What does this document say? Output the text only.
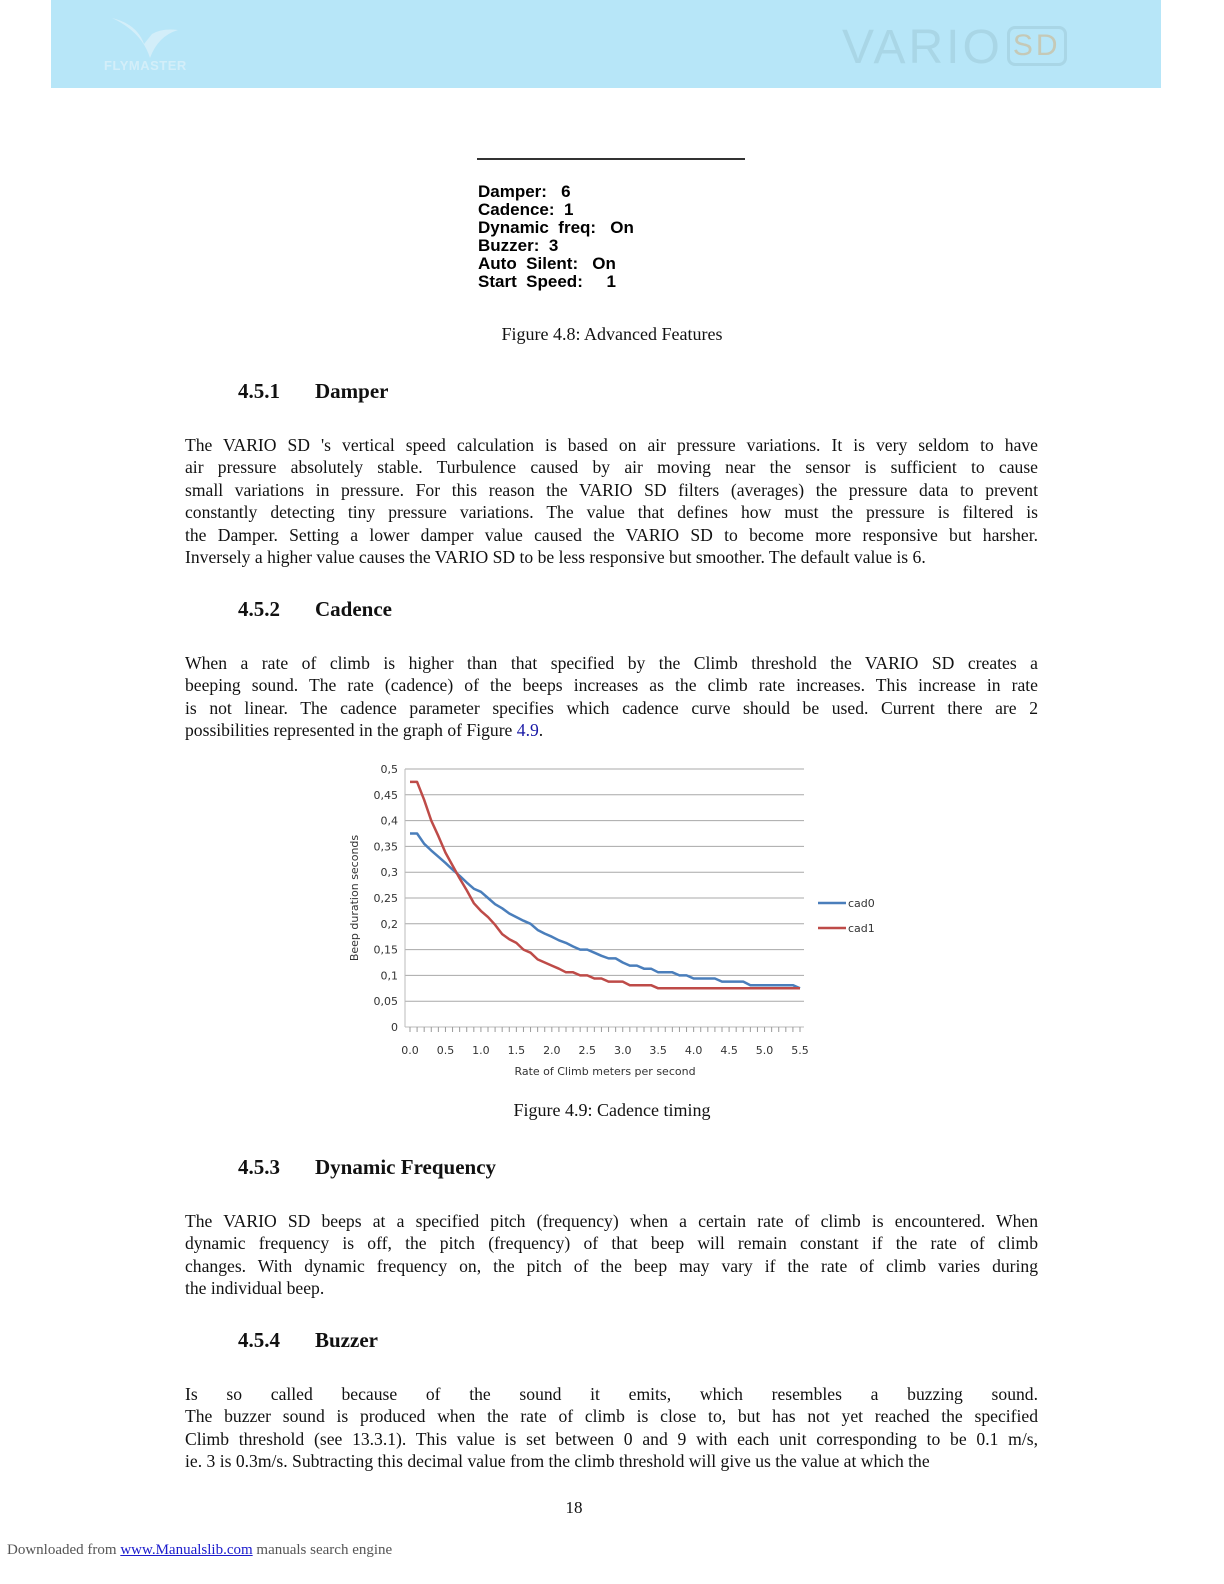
FLYMASTER	VARIO SD
Damper:   6
Cadence:  1
Dynamic  freq:   On
Buzzer:  3
Auto  Silent:   On
Start  Speed:     1
Figure 4.8: Advanced Features
4.5.1 Damper
The VARIO SD 's vertical speed calculation is based on air pressure variations. It is very seldom to have
air pressure absolutely stable. Turbulence caused by air moving near the sensor is sufficient to cause
small variations in pressure. For this reason the VARIO SD filters (averages) the pressure data to prevent
constantly detecting tiny pressure variations. The value that defines how must the pressure is filtered is
the Damper. Setting a lower damper value caused the VARIO SD to become more responsive but harsher.
Inversely a higher value causes the VARIO SD to be less responsive but smoother. The default value is 6.
4.5.2 Cadence
When a rate of climb is higher than that specified by the Climb threshold the VARIO SD creates a
beeping sound. The rate (cadence) of the beeps increases as the climb rate increases. This increase in rate
is not linear. The cadence parameter specifies which cadence curve should be used. Current there are 2
possibilities represented in the graph of Figure 4.9.
4.5.3 Dynamic Frequency
The VARIO SD beeps at a specified pitch (frequency) when a certain rate of climb is encountered. When
dynamic frequency is off, the pitch (frequency) of that beep will remain constant if the rate of climb
changes. With dynamic frequency on, the pitch of the beep may vary if the rate of climb varies during
the individual beep.
4.5.4 Buzzer
Is so called because of the sound it emits, which resembles a buzzing sound.
The buzzer sound is produced when the rate of climb is close to, but has not yet reached the specified
Climb threshold (see 13.3.1). This value is set between 0 and 9 with each unit corresponding to be 0.1 m/s,
ie. 3 is 0.3m/s. Subtracting this decimal value from the climb threshold will give us the value at which the
0
0,05
0,1
0,15
0,2
0,25
0,3
0,35
0,4
0,45
0,5
0.0 0.5 1.0 1.5 2.0 2.5 3.0 3.5 4.0 4.5 5.0 5.5
Rate of Climb meters per second
Beep duration seconds	cad0
cad1
Figure 4.9: Cadence timing
18
Downloaded from www.Manualslib.com manuals search engine
